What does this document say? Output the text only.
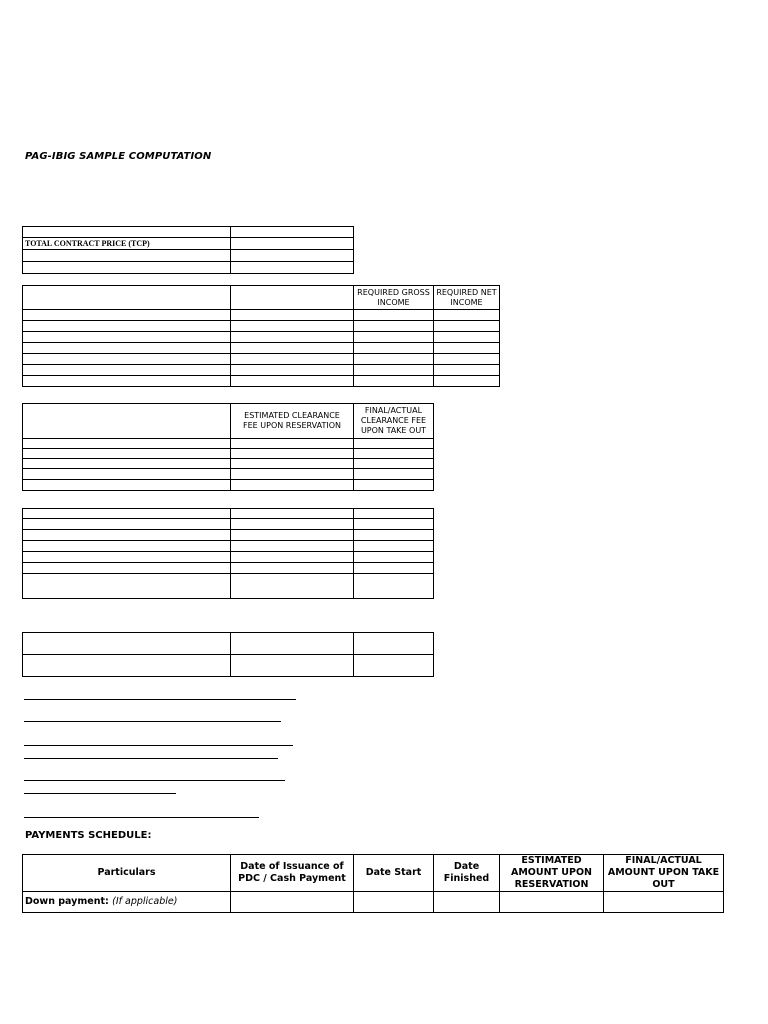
PAG-IBIG SAMPLE COMPUTATION

TOTAL CONTRACT PRICE (TCP)	

		REQUIRED GROSS INCOME	REQUIRED NET INCOME

	ESTIMATED CLEARANCE FEE UPON RESERVATION	FINAL/ACTUAL CLEARANCE FEE UPON TAKE OUT

PAYMENTS SCHEDULE:
Particulars	Date of Issuance of PDC / Cash Payment	Date Start	Date Finished	ESTIMATED AMOUNT UPON RESERVATION	FINAL/ACTUAL AMOUNT UPON TAKE OUT
Down payment: (If applicable)					
